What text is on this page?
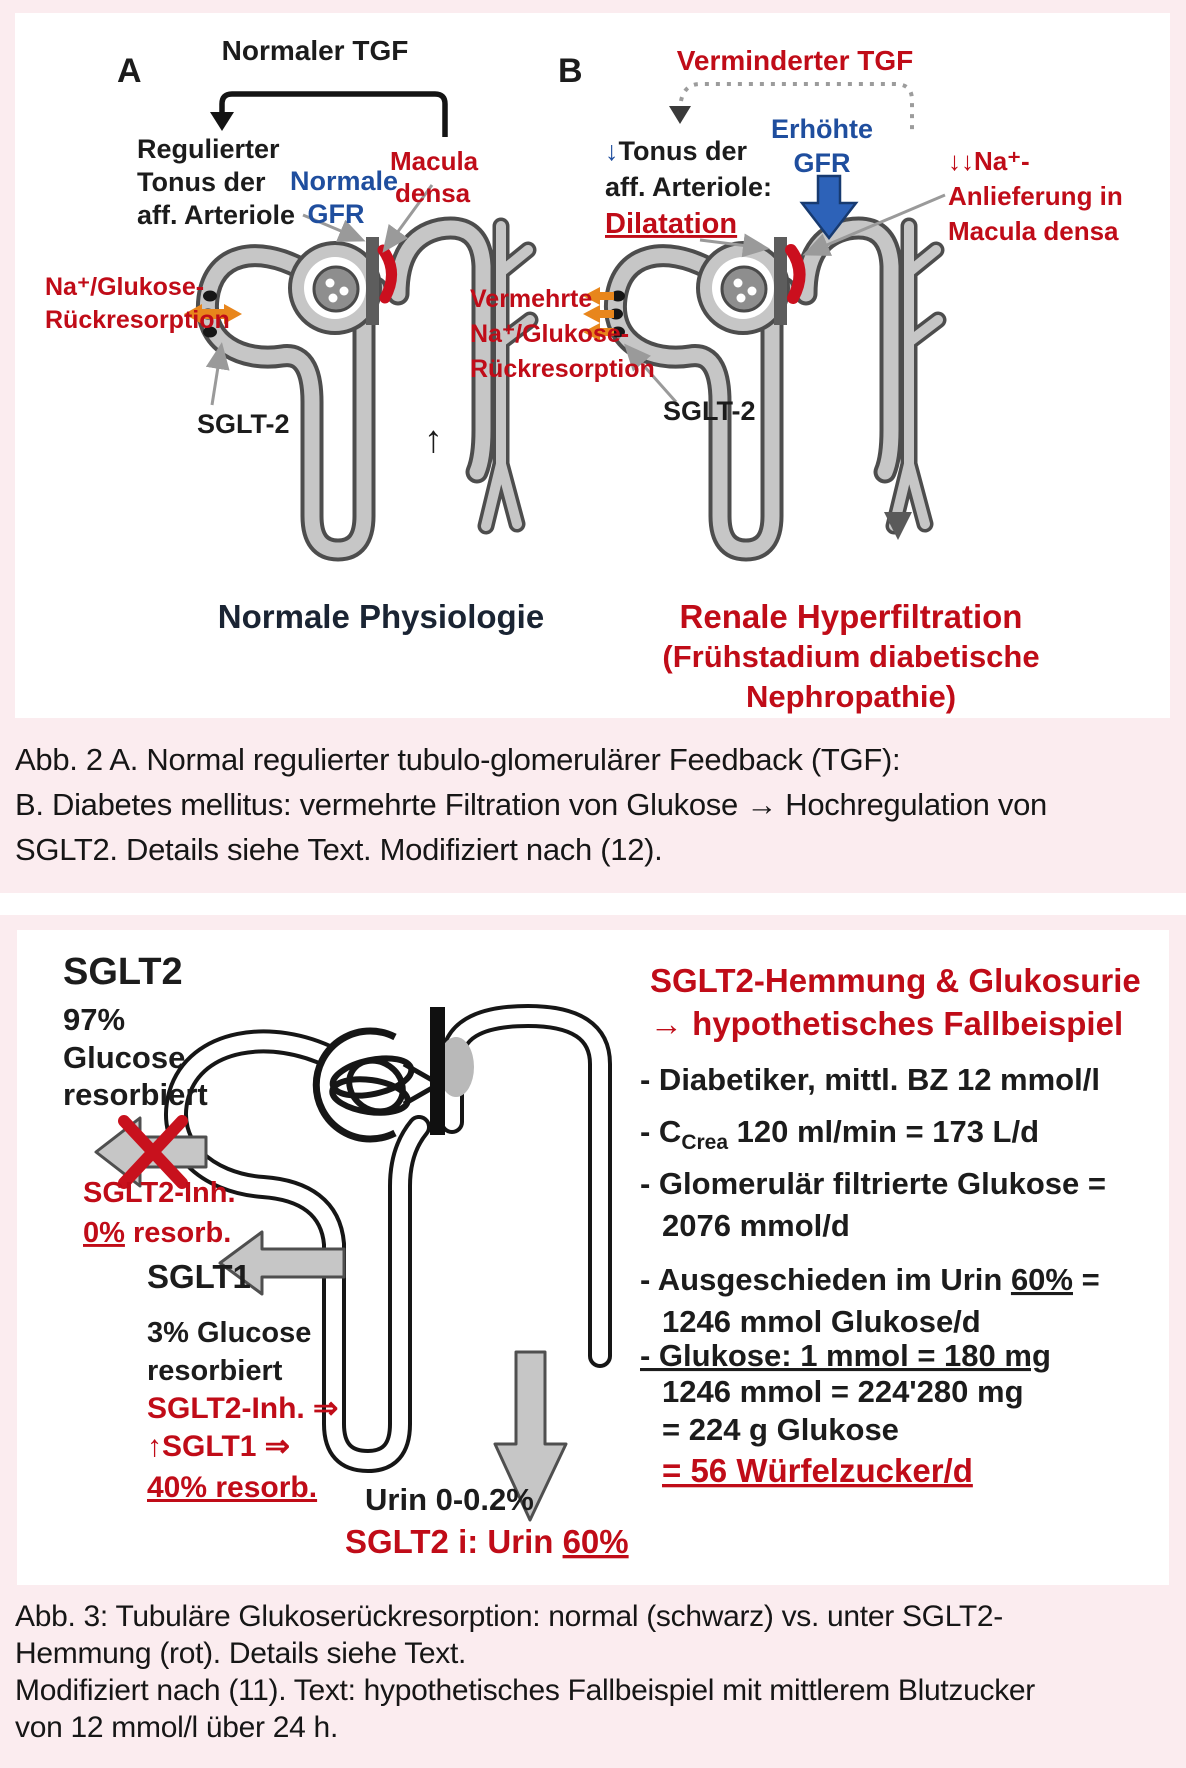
A
Normaler TGF
Regulierter
Tonus der
aff. Arteriole
Normale
GFR
Macula
densa
Na⁺/Glukose-
Rückresorption
SGLT-2	↑
Normale Physiologie
B	Verminderter TGF
Erhöhte
GFR
↓Tonus der
aff. Arteriole:
Dilatation
↓↓Na⁺-
Anlieferung in
Macula densa
Vermehrte
Na⁺/Glukose-
Rückresorption
SGLT-2
Renale Hyperfiltration
(Frühstadium diabetische
Nephropathie)
Abb. 2 A. Normal regulierter tubulo-glomerulärer Feedback (TGF):
B. Diabetes mellitus: vermehrte Filtration von Glukose → Hochregulation von
SGLT2. Details siehe Text. Modifiziert nach (12).
SGLT2
97%
Glucose
resorbiert
SGLT2-Inh.
0% resorb.
SGLT1
3% Glucose
resorbiert
SGLT2-Inh. ⇒
↑SGLT1 ⇒
40% resorb. Urin 0-0.2%
SGLT2 i: Urin 60%
SGLT2-Hemmung & Glukosurie
→ hypothetisches Fallbeispiel
- Diabetiker, mittl. BZ 12 mmol/l
- $C_{Crea}$ 120 ml/min = 173 L/d
- Glomerulär filtrierte Glukose =
2076 mmol/d
- Ausgeschieden im Urin 60% =
1246 mmol Glukose/d
- Glukose: 1 mmol = 180 mg
1246 mmol = 224'280 mg
= 224 g Glukose
= 56 Würfelzucker/d
Abb. 3: Tubuläre Glukoserückresorption: normal (schwarz) vs. unter SGLT2-
Hemmung (rot). Details siehe Text.
Modifiziert nach (11). Text: hypothetisches Fallbeispiel mit mittlerem Blutzucker
von 12 mmol/l über 24 h.
